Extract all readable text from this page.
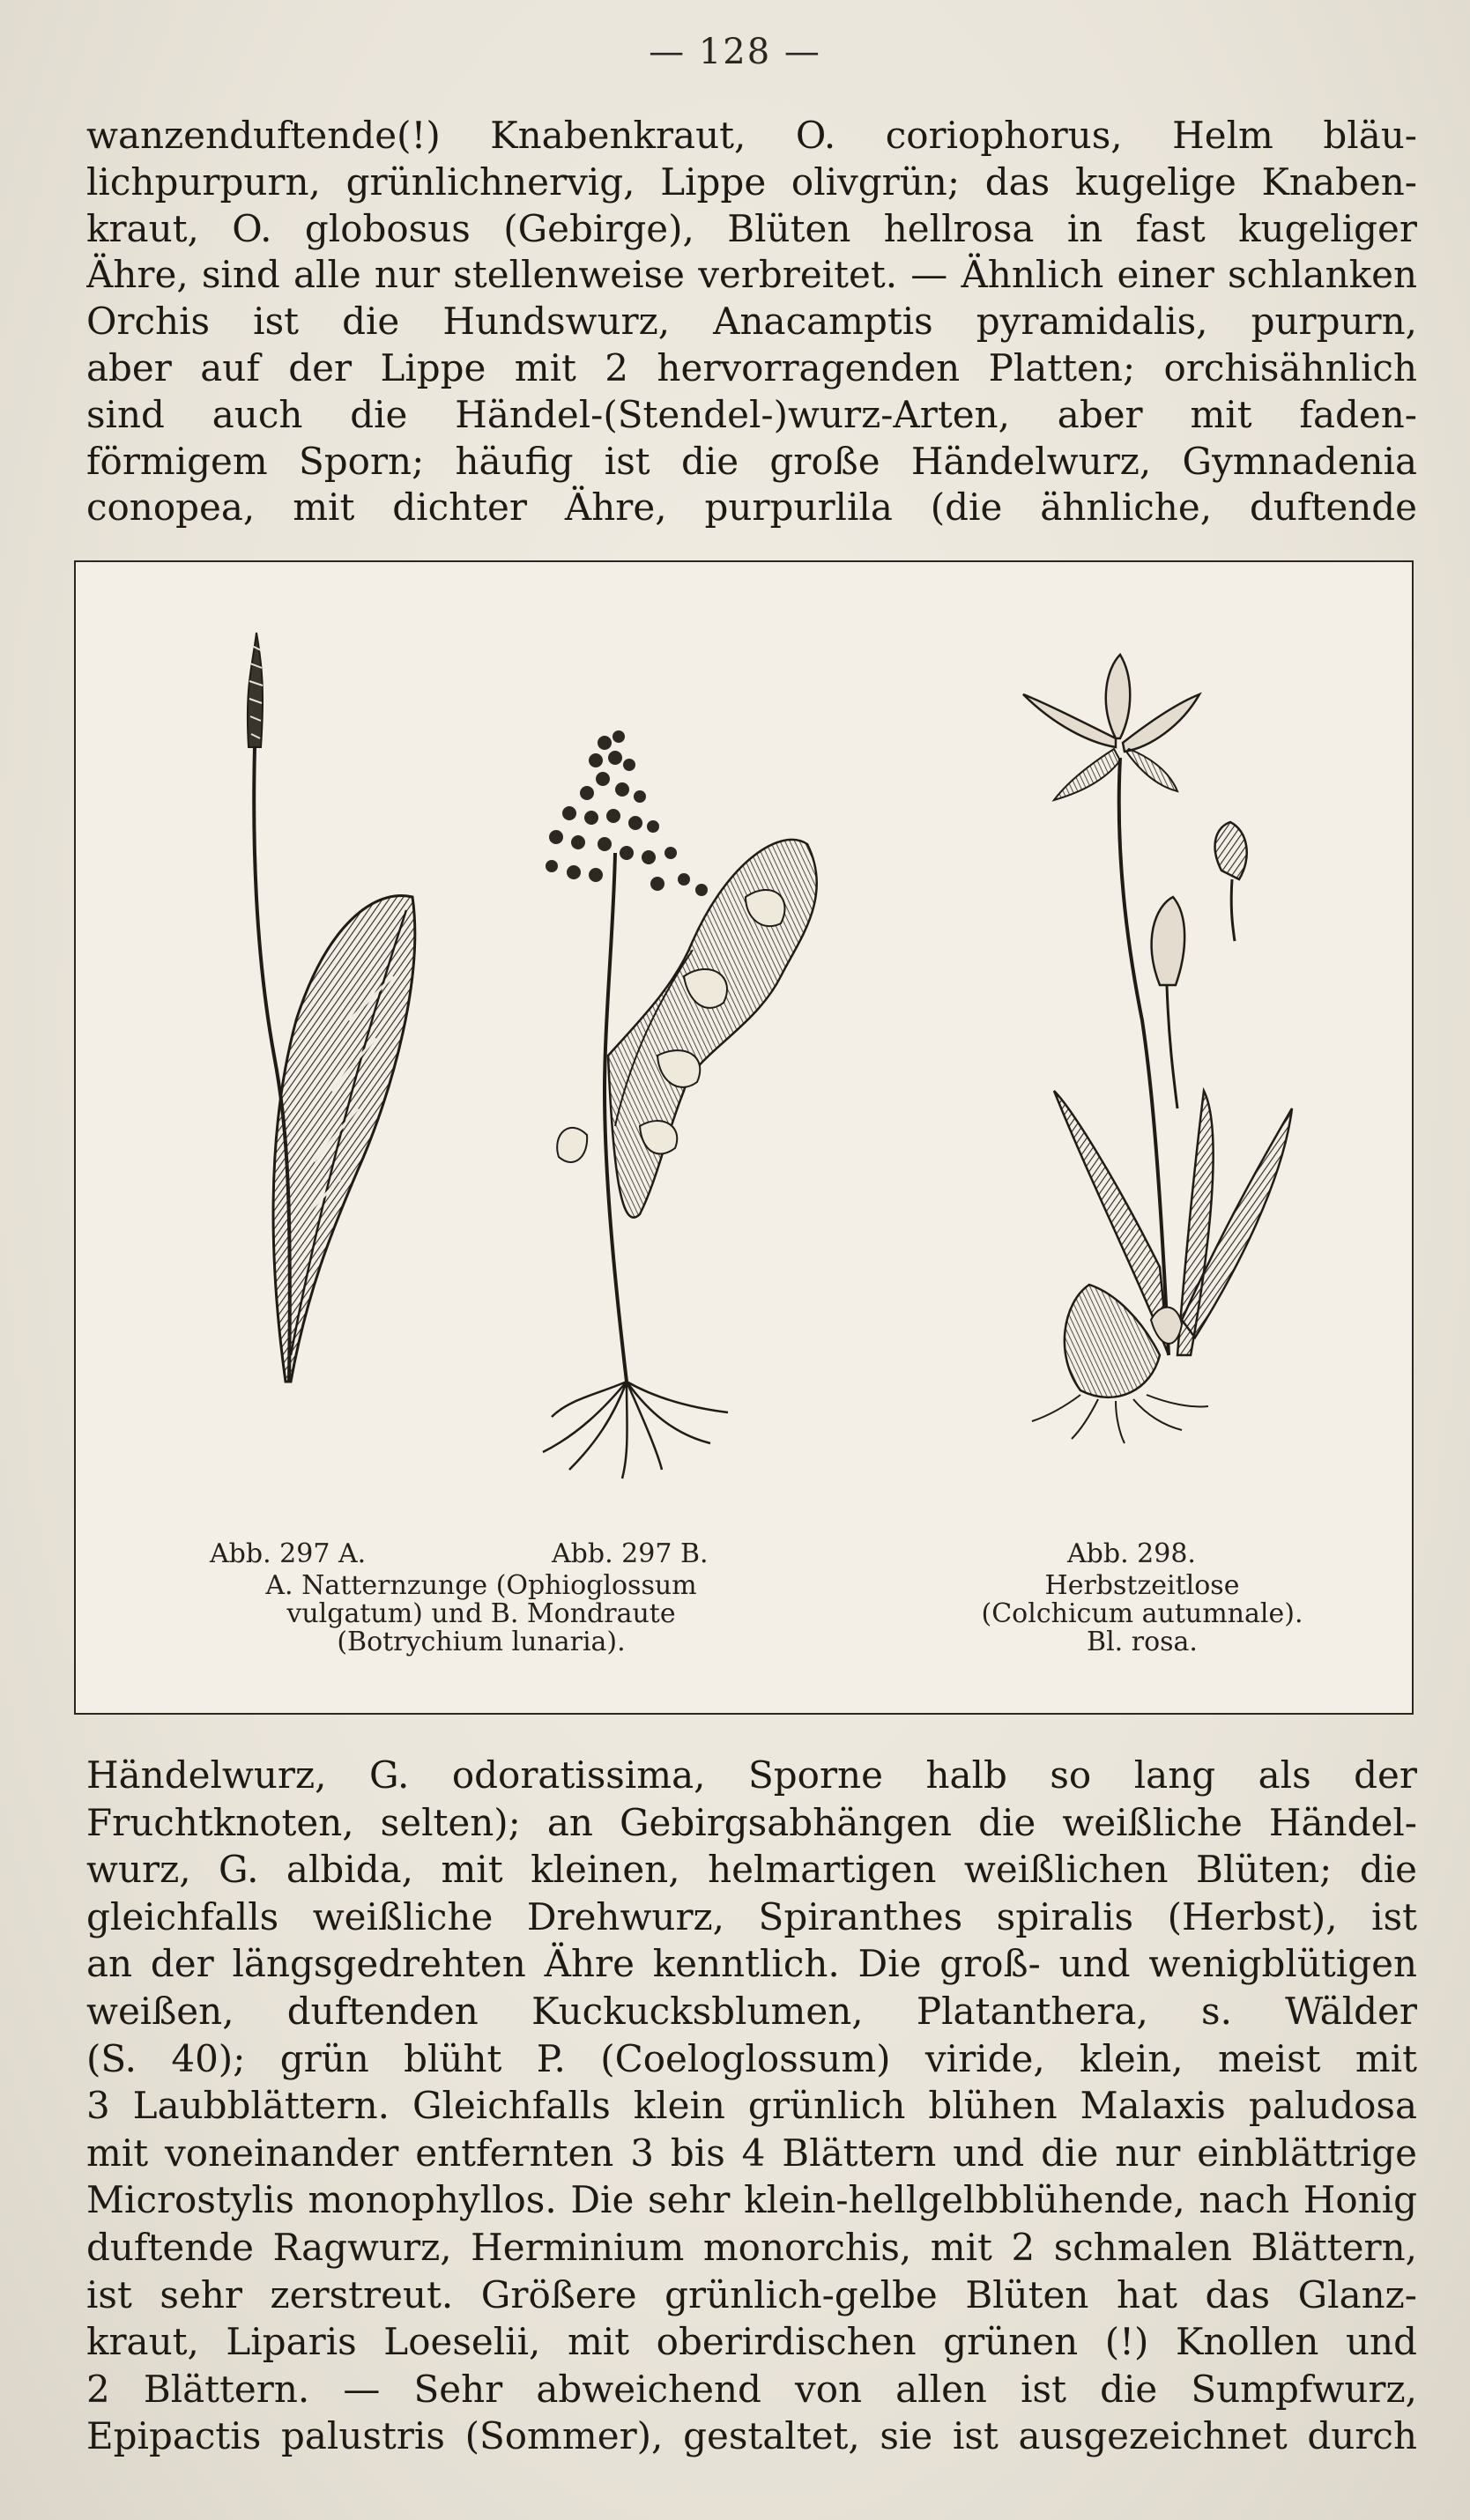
— 128 —
wanzenduftende(!) Knabenkraut, O. coriophorus, Helm bläu-
lichpurpurn, grünlichnervig, Lippe olivgrün; das kugelige Knaben-
kraut, O. globosus (Gebirge), Blüten hellrosa in fast kugeliger
Ähre, sind alle nur stellenweise verbreitet. — Ähnlich einer schlanken
Orchis ist die Hundswurz, Anacamptis pyramidalis, purpurn,
aber auf der Lippe mit 2 hervorragenden Platten; orchisähnlich
sind auch die Händel-(Stendel-)wurz-Arten, aber mit faden-
förmigem Sporn; häufig ist die große Händelwurz, Gymnadenia
conopea, mit dichter Ähre, purpurlila (die ähnliche, duftende
Abb. 297 A.	Abb. 297 B.	Abb. 298.
A. Natternzunge (Ophioglossum
vulgatum) und B. Mondraute
(Botrychium lunaria).
Herbstzeitlose
(Colchicum autumnale).
Bl. rosa.
Händelwurz, G. odoratissima, Sporne halb so lang als der
Fruchtknoten, selten); an Gebirgsabhängen die weißliche Händel-
wurz, G. albida, mit kleinen, helmartigen weißlichen Blüten; die
gleichfalls weißliche Drehwurz, Spiranthes spiralis (Herbst), ist
an der längsgedrehten Ähre kenntlich. Die groß- und wenigblütigen
weißen, duftenden Kuckucksblumen, Platanthera, s. Wälder
(S. 40); grün blüht P. (Coeloglossum) viride, klein, meist mit
3 Laubblättern. Gleichfalls klein grünlich blühen Malaxis paludosa
mit voneinander entfernten 3 bis 4 Blättern und die nur einblättrige
Microstylis monophyllos. Die sehr klein-hellgelbblühende, nach Honig
duftende Ragwurz, Herminium monorchis, mit 2 schmalen Blättern,
ist sehr zerstreut. Größere grünlich-gelbe Blüten hat das Glanz-
kraut, Liparis Loeselii, mit oberirdischen grünen (!) Knollen und
2 Blättern. — Sehr abweichend von allen ist die Sumpfwurz,
Epipactis palustris (Sommer), gestaltet, sie ist ausgezeichnet durch
